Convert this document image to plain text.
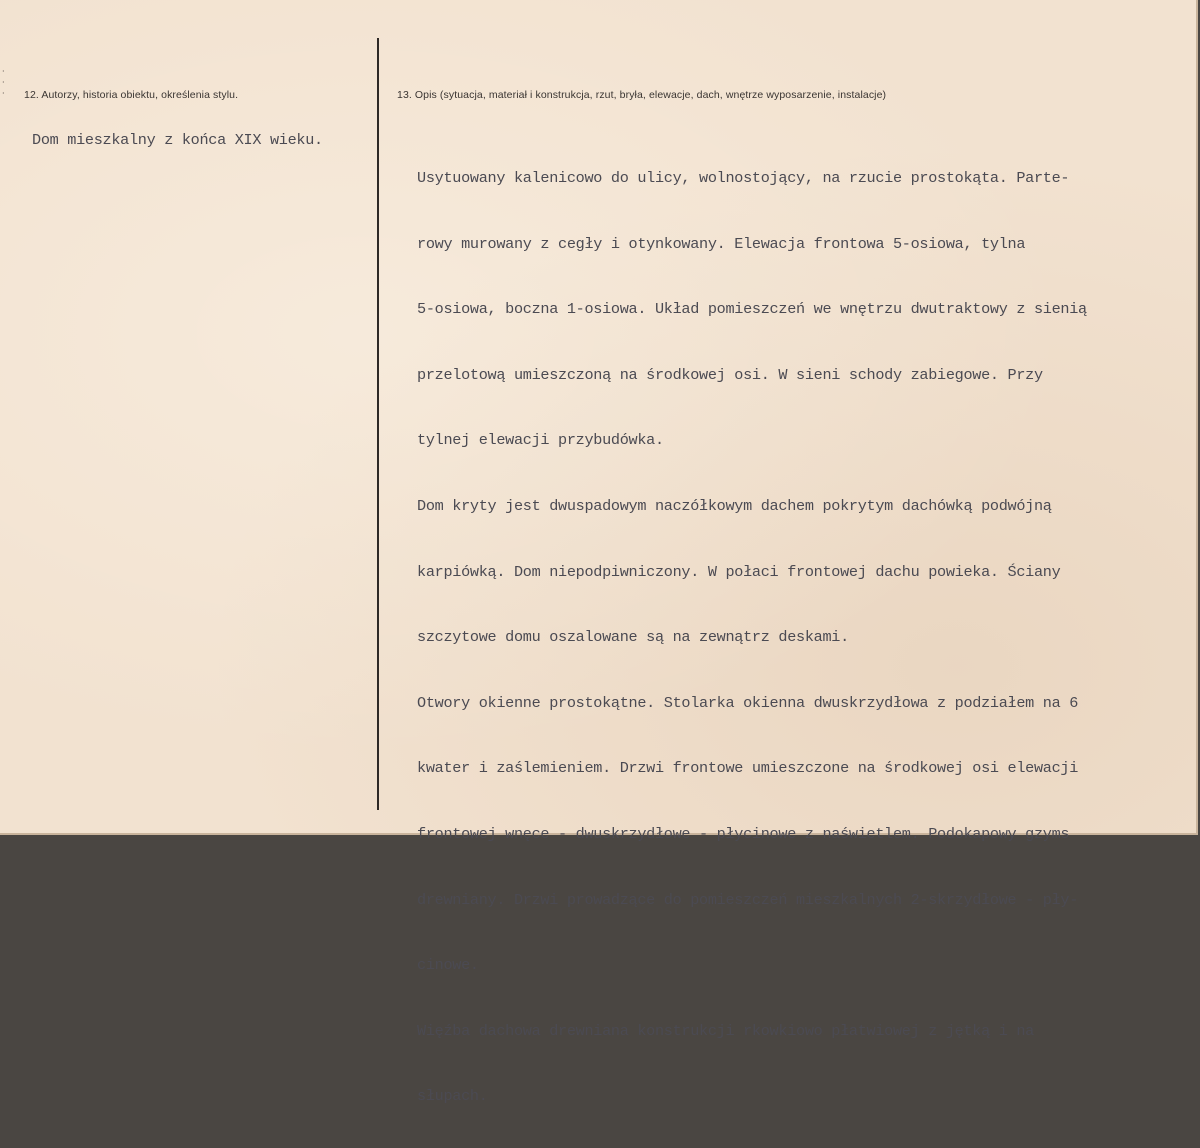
·
·
·	12. Autorzy, historia obiektu, określenia stylu.
Dom mieszkalny z końca XIX wieku.
13. Opis (sytuacja, materiał i konstrukcja, rzut, bryła, elewacje, dach, wnętrze wyposarzenie, instalacje)

Usytuowany kalenicowo do ulicy, wolnostojący, na rzucie prostokąta. Parte-

rowy murowany z cegły i otynkowany. Elewacja frontowa 5-osiowa, tylna

5-osiowa, boczna 1-osiowa. Układ pomieszczeń we wnętrzu dwutraktowy z sienią

przelotową umieszczoną na środkowej osi. W sieni schody zabiegowe. Przy

tylnej elewacji przybudówka.

Dom kryty jest dwuspadowym naczółkowym dachem pokrytym dachówką podwójną

karpiówką. Dom niepodpiwniczony. W połaci frontowej dachu powieka. Ściany

szczytowe domu oszalowane są na zewnątrz deskami.

Otwory okienne prostokątne. Stolarka okienna dwuskrzydłowa z podziałem na 6

kwater i zaślemieniem. Drzwi frontowe umieszczone na środkowej osi elewacji

frontowej wnęce - dwuskrzydłowe - płycinowe z naświetlem. Podokapowy gzyms

drewniany. Drzwi prowadzące do pomieszczeń mieszkalnych 2-skrzydłowe - pły-

cinowe.

Więźba dachowa drewniana konstrukcji rkowkiowo płatwiowej z jętką i na

słupach.
